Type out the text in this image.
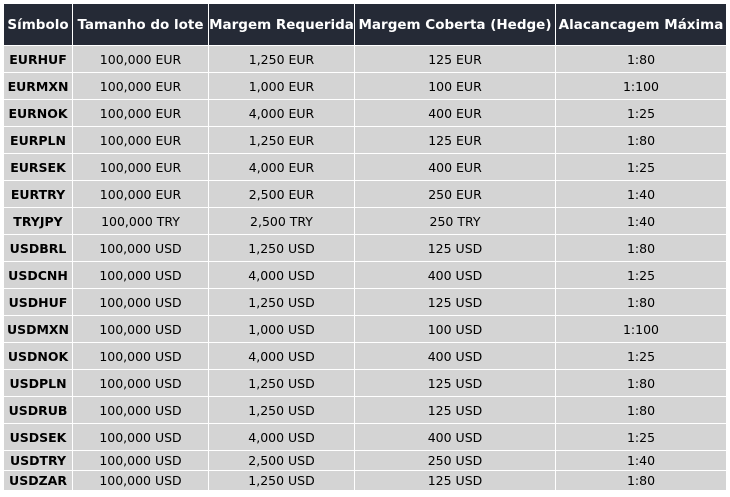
Símbolo	Tamanho do lote	Margem Requerida	Margem Coberta (Hedge)	Alacancagem Máxima
EURHUF	100,000 EUR	1,250 EUR	125 EUR	1:80
EURMXN	100,000 EUR	1,000 EUR	100 EUR	1:100
EURNOK	100,000 EUR	4,000 EUR	400 EUR	1:25
EURPLN	100,000 EUR	1,250 EUR	125 EUR	1:80
EURSEK	100,000 EUR	4,000 EUR	400 EUR	1:25
EURTRY	100,000 EUR	2,500 EUR	250 EUR	1:40
TRYJPY	100,000 TRY	2,500 TRY	250 TRY	1:40
USDBRL	100,000 USD	1,250 USD	125 USD	1:80
USDCNH	100,000 USD	4,000 USD	400 USD	1:25
USDHUF	100,000 USD	1,250 USD	125 USD	1:80
USDMXN	100,000 USD	1,000 USD	100 USD	1:100
USDNOK	100,000 USD	4,000 USD	400 USD	1:25
USDPLN	100,000 USD	1,250 USD	125 USD	1:80
USDRUB	100,000 USD	1,250 USD	125 USD	1:80
USDSEK	100,000 USD	4,000 USD	400 USD	1:25
USDTRY	100,000 USD	2,500 USD	250 USD	1:40
USDZAR	100,000 USD	1,250 USD	125 USD	1:80
